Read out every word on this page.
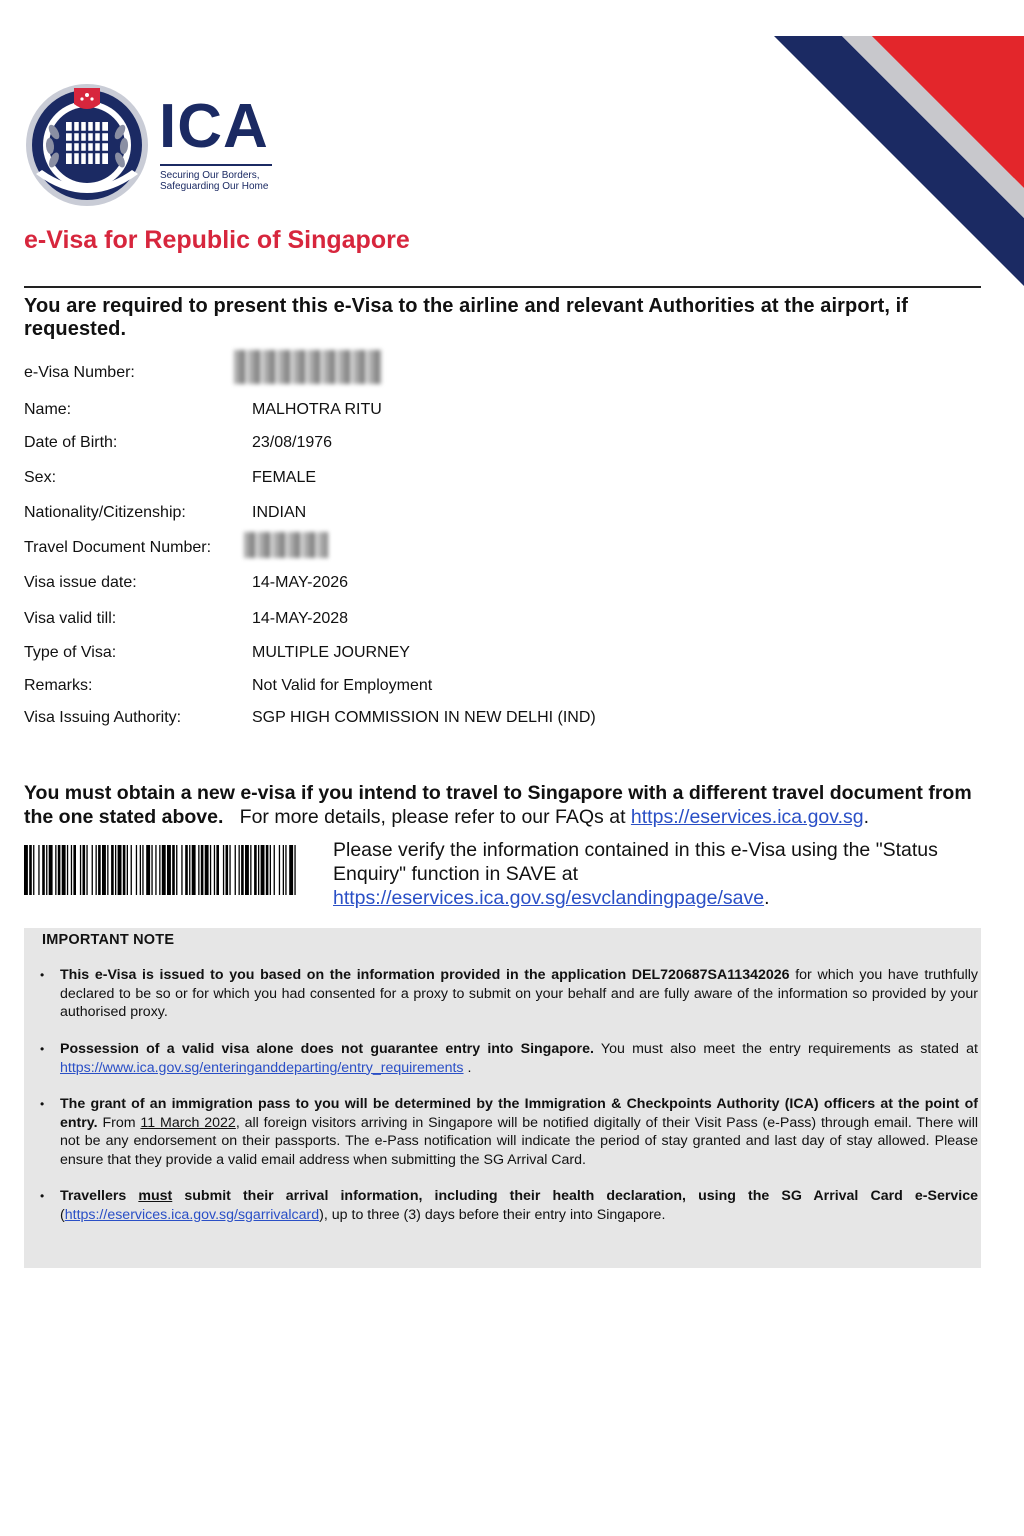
ICA
Securing Our Borders,
Safeguarding Our Home
e-Visa for Republic of Singapore
You are required to present this e-Visa to the airline and relevant Authorities at the airport, if requested.
e-Visa Number:
Name:	MALHOTRA RITU
Date of Birth:	23/08/1976
Sex:	FEMALE
Nationality/Citizenship:	INDIAN
Travel Document Number:
Visa issue date:	14-MAY-2026
Visa valid till:	14-MAY-2028
Type of Visa:	MULTIPLE JOURNEY
Remarks:	Not Valid for Employment
Visa Issuing Authority:	SGP HIGH COMMISSION IN NEW DELHI (IND)
You must obtain a new e-visa if you intend to travel to Singapore with a different travel document from the one stated above. For more details, please refer to our FAQs at https://eservices.ica.gov.sg.
Please verify the information contained in this e-Visa using the "Status Enquiry" function in SAVE at https://eservices.ica.gov.sg/esvclandingpage/save.
IMPORTANT NOTE
• This e-Visa is issued to you based on the information provided in the application DEL720687SA11342026 for which you have truthfully declared to be so or for which you had consented for a proxy to submit on your behalf and are fully aware of the information so provided by your authorised proxy.
• Possession of a valid visa alone does not guarantee entry into Singapore. You must also meet the entry requirements as stated at https://www.ica.gov.sg/enteringanddeparting/entry_requirements .
• The grant of an immigration pass to you will be determined by the Immigration & Checkpoints Authority (ICA) officers at the point of entry. From 11 March 2022, all foreign visitors arriving in Singapore will be notified digitally of their Visit Pass (e-Pass) through email. There will not be any endorsement on their passports. The e-Pass notification will indicate the period of stay granted and last day of stay allowed. Please ensure that they provide a valid email address when submitting the SG Arrival Card.
• Travellers must submit their arrival information, including their health declaration, using the SG Arrival Card e-Service (https://eservices.ica.gov.sg/sgarrivalcard), up to three (3) days before their entry into Singapore.
